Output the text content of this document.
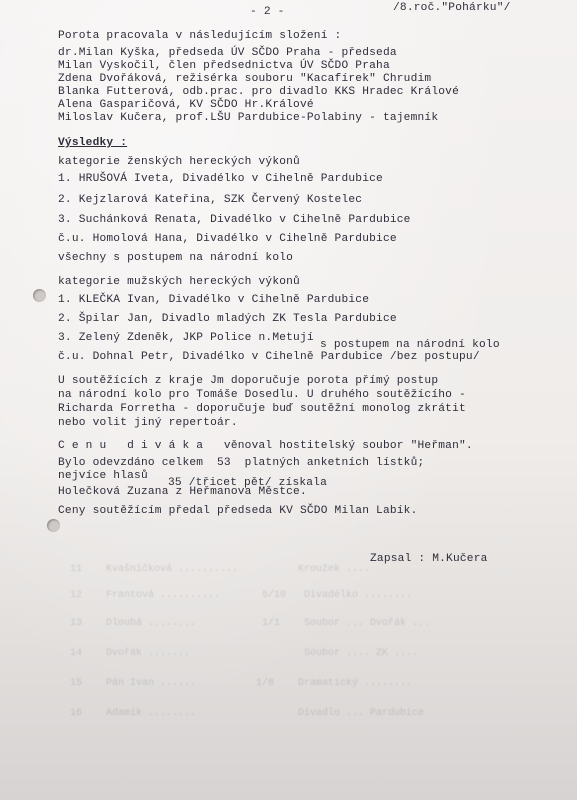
11    Kvašničková ..........          Kroužek ....
12    Frantová ..........       5/10   Divadélko ........
13    Dlouhá ........           1/1    Soubor ... Dvořák ...
14    Dvořák .......                   Soubor .... ZK ....
15    Pán Ivan ......          1/8    Dramatický ........
16    Adamík ........                 Divadlo ... Pardubice
- 2 -	/8.roč."Pohárku"/
Porota pracovala v následujícím složení :
dr.Milan Kyška, předseda ÚV SČDO Praha - předseda
Milan Vyskočil, člen předsednictva ÚV SČDO Praha
Zdena Dvořáková, režisérka souboru "Kacafírek" Chrudim
Blanka Futterová, odb.prac. pro divadlo KKS Hradec Králové
Alena Gasparičová, KV SČDO Hr.Králové
Miloslav Kučera, prof.LŠU Pardubice-Polabiny - tajemník
Výsledky :
kategorie ženských hereckých výkonů
1. HRUŠOVÁ Iveta, Divadélko v Cihelně Pardubice
2. Kejzlarová Kateřina, SZK Červený Kostelec
3. Suchánková Renata, Divadélko v Cihelně Pardubice
č.u. Homolová Hana, Divadélko v Cihelně Pardubice
všechny s postupem na národní kolo
kategorie mužských hereckých výkonů
1. KLEČKA Ivan, Divadélko v Cihelně Pardubice
2. Špilar Jan, Divadlo mladých ZK Tesla Pardubice
3. Zelený Zdeněk, JKP Police n.Metují
s postupem na národní kolo
č.u. Dohnal Petr, Divadélko v Cihelně Pardubice /bez postupu/
U soutěžících z kraje Jm doporučuje porota přímý postup
na národní kolo pro Tomáše Dosedlu. U druhého soutěžícího -
Richarda Forretha - doporučuje buď soutěžní monolog zkrátit
nebo volit jiný repertoár.
C e n u   d i v á k a   věnoval hostitelský soubor "Heřman".
Bylo odevzdáno celkem  53  platných anketních lístků;
nejvíce hlasů
35 /třicet pět/ získala
Holečková Zuzana z Heřmanova Městce.
Ceny soutěžícím předal předseda KV SČDO Milan Labík.
Zapsal : M.Kučera
